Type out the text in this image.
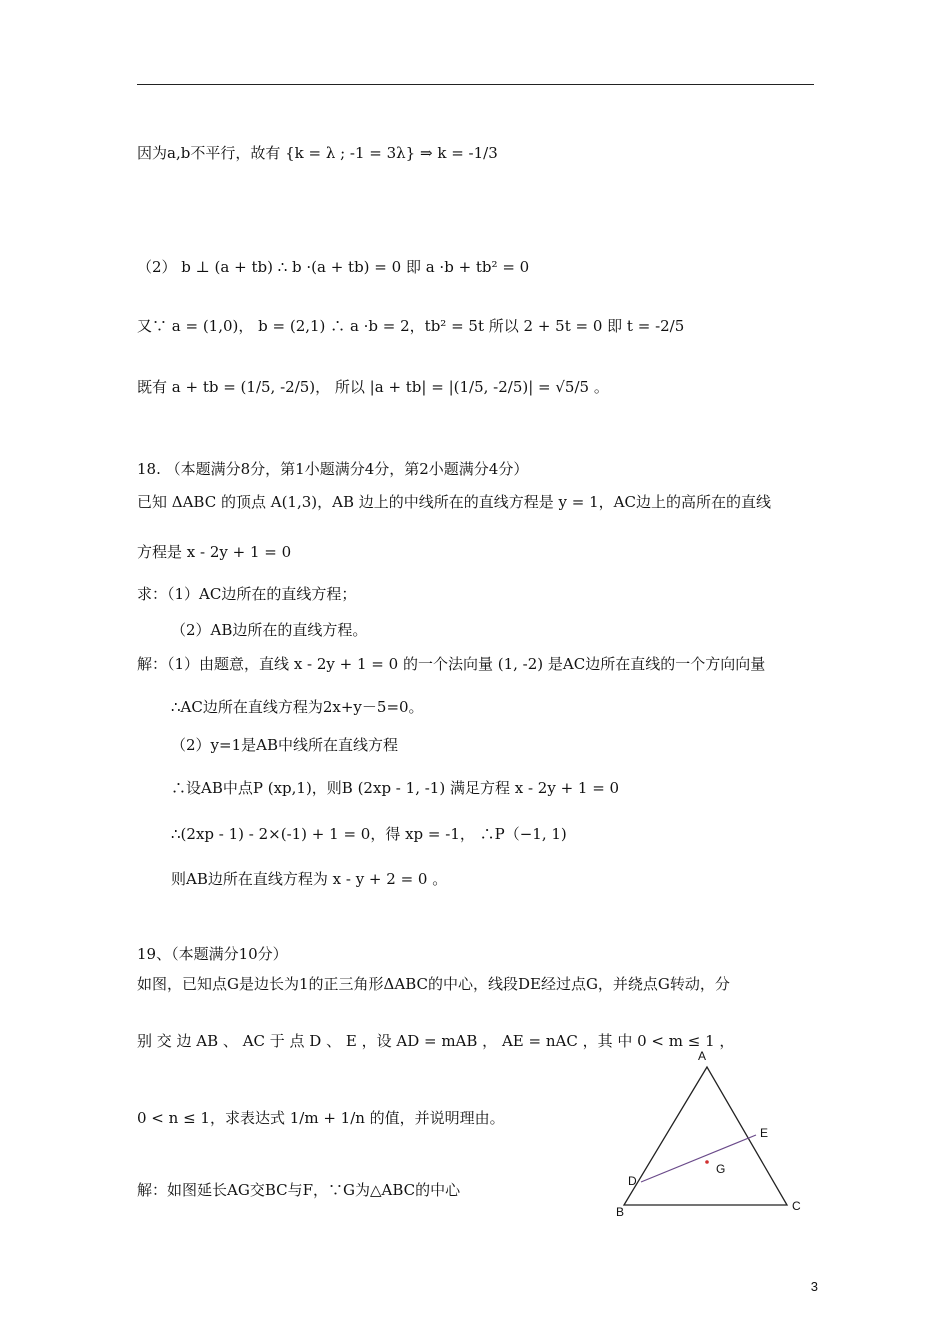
因为a,b不平行，故有 {k = λ ; -1 = 3λ} ⇒ k = -1/3
（2） b ⊥ (a + tb) ∴ b ·(a + tb) = 0 即 a ·b + tb² = 0
又∵ a = (1,0)， b = (2,1) ∴ a ·b = 2，tb² = 5t 所以 2 + 5t = 0 即 t = -2/5
既有 a + tb = (1/5, -2/5)， 所以 |a + tb| = |(1/5, -2/5)| = √5/5 。
18. （本题满分8分，第1小题满分4分，第2小题满分4分）
已知 ΔABC 的顶点 A(1,3)，AB 边上的中线所在的直线方程是 y = 1，AC边上的高所在的直线
方程是 x - 2y + 1 = 0
求：（1）AC边所在的直线方程；
（2）AB边所在的直线方程。
解：（1）由题意，直线 x - 2y + 1 = 0 的一个法向量 (1, -2) 是AC边所在直线的一个方向向量
∴AC边所在直线方程为2x+y－5=0。
（2）y=1是AB中线所在直线方程
∴设AB中点P (xp,1)，则B (2xp - 1, -1) 满足方程 x - 2y + 1 = 0
∴(2xp - 1) - 2×(-1) + 1 = 0，得 xp = -1， ∴P（−1, 1)
则AB边所在直线方程为 x - y + 2 = 0 。
19、（本题满分10分）
如图，已知点G是边长为1的正三角形ΔABC的中心，线段DE经过点G，并绕点G转动，分
别 交 边 AB 、 AC 于 点 D 、 E ，设 AD = mAB ， AE = nAC ，其 中 0 < m ≤ 1 ，
0 < n ≤ 1，求表达式 1/m + 1/n 的值，并说明理由。
解：如图延长AG交BC与F，∵G为△ABC的中心
A
E
G
D
B	C
3
